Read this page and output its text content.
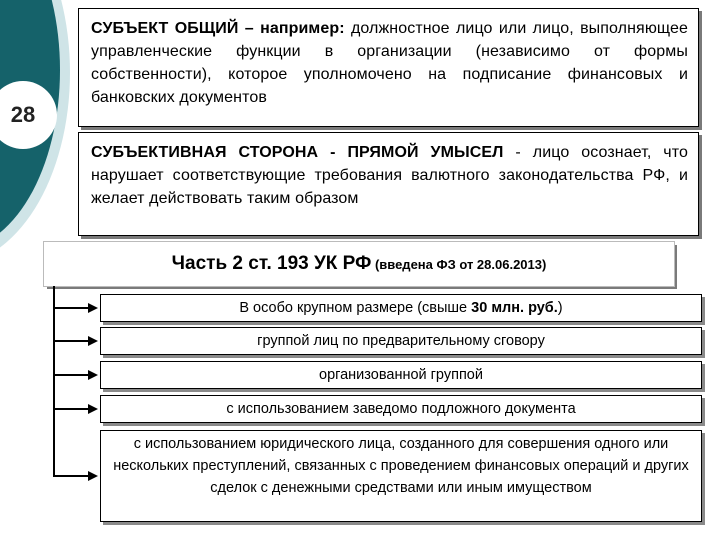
28
СУБЪЕКТ ОБЩИЙ – например: должностное лицо или лицо, выполняющее управленческие функции в организации (независимо от формы собственности), которое уполномочено на подписание финансовых и банковских документов
СУБЪЕКТИВНАЯ СТОРОНА - ПРЯМОЙ УМЫСЕЛ - лицо осознает, что нарушает соответствующие требования валютного законодательства РФ, и желает действовать таким образом
Часть 2 ст. 193 УК РФ (введена ФЗ от 28.06.2013)
В особо крупном размере (свыше 30 млн. руб.)
группой лиц по предварительному сговору
организованной группой
с использованием заведомо подложного документа
с использованием юридического лица, созданного для совершения одного или нескольких преступлений, связанных с проведением финансовых операций и других сделок с денежными средствами или иным имуществом
